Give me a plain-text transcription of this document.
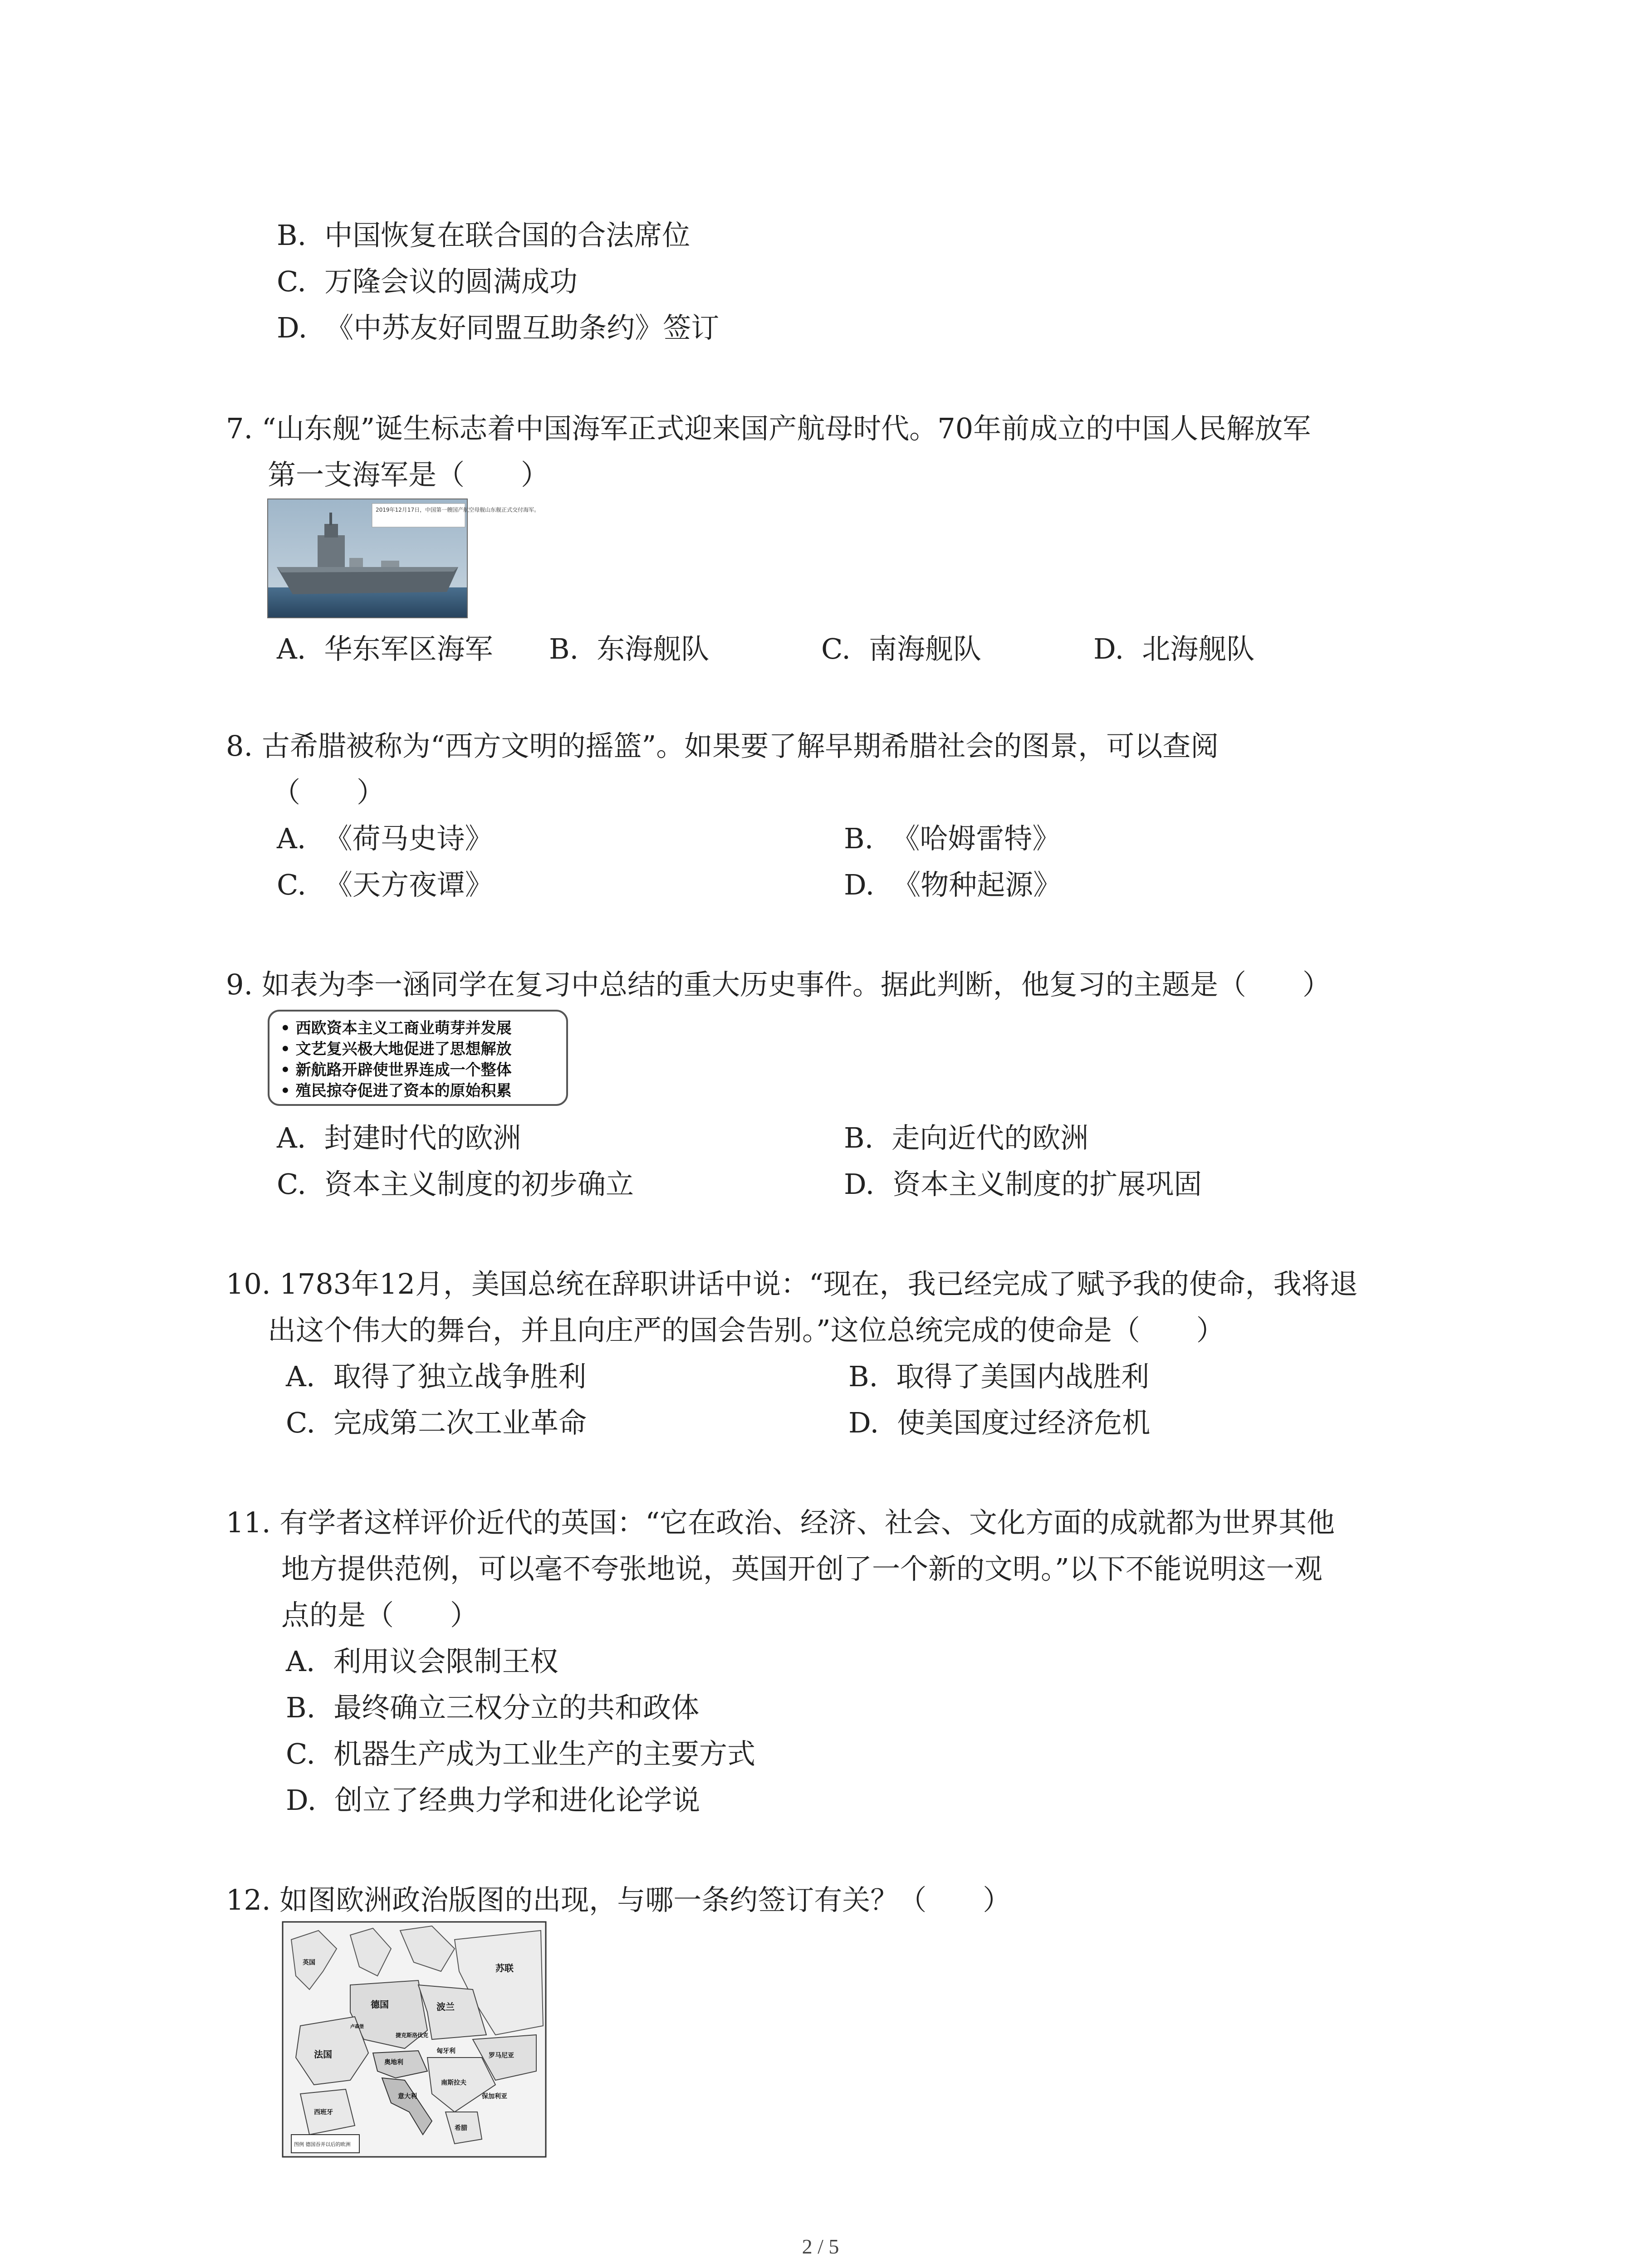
B. 中国恢复在联合国的合法席位
C. 万隆会议的圆满成功
D. 《中苏友好同盟互助条约》签订
7. “山东舰”诞生标志着中国海军正式迎来国产航母时代。70年前成立的中国人民解放军
第一支海军是（　　）
2019年12月17日，中国第一艘国产航空母舰山东舰正式交付海军。
A. 华东军区海军 B. 东海舰队	C. 南海舰队	D. 北海舰队
8. 古希腊被称为“西方文明的摇篮”。如果要了解早期希腊社会的图景，可以查阅
（　　）
A. 《荷马史诗》	B. 《哈姆雷特》
C. 《天方夜谭》	D. 《物种起源》
9. 如表为李一涵同学在复习中总结的重大历史事件。据此判断，他复习的主题是（　　）
• 西欧资本主义工商业萌芽并发展
• 文艺复兴极大地促进了思想解放
• 新航路开辟使世界连成一个整体
• 殖民掠夺促进了资本的原始积累
A. 封建时代的欧洲	B. 走向近代的欧洲
C. 资本主义制度的初步确立	D. 资本主义制度的扩展巩固
10. 1783年12月，美国总统在辞职讲话中说：“现在，我已经完成了赋予我的使命，我将退
出这个伟大的舞台，并且向庄严的国会告别。”这位总统完成的使命是（　　）
A. 取得了独立战争胜利	B. 取得了美国内战胜利
C. 完成第二次工业革命	D. 使美国度过经济危机
11. 有学者这样评价近代的英国：“它在政治、经济、社会、文化方面的成就都为世界其他
地方提供范例，可以毫不夸张地说，英国开创了一个新的文明。”以下不能说明这一观
点的是（　　）
A. 利用议会限制王权
B. 最终确立三权分立的共和政体
C. 机器生产成为工业生产的主要方式
D. 创立了经典力学和进化论学说
12. 如图欧洲政治版图的出现，与哪一条约签订有关？（　　）
苏联
德国	波兰
法国
意大利
罗马尼亚
南斯拉夫
保加利亚
希腊
匈牙利
捷克斯洛伐克
奥地利
英国
西班牙
卢森堡
图例 德国吞并以后的欧洲
2 / 5
